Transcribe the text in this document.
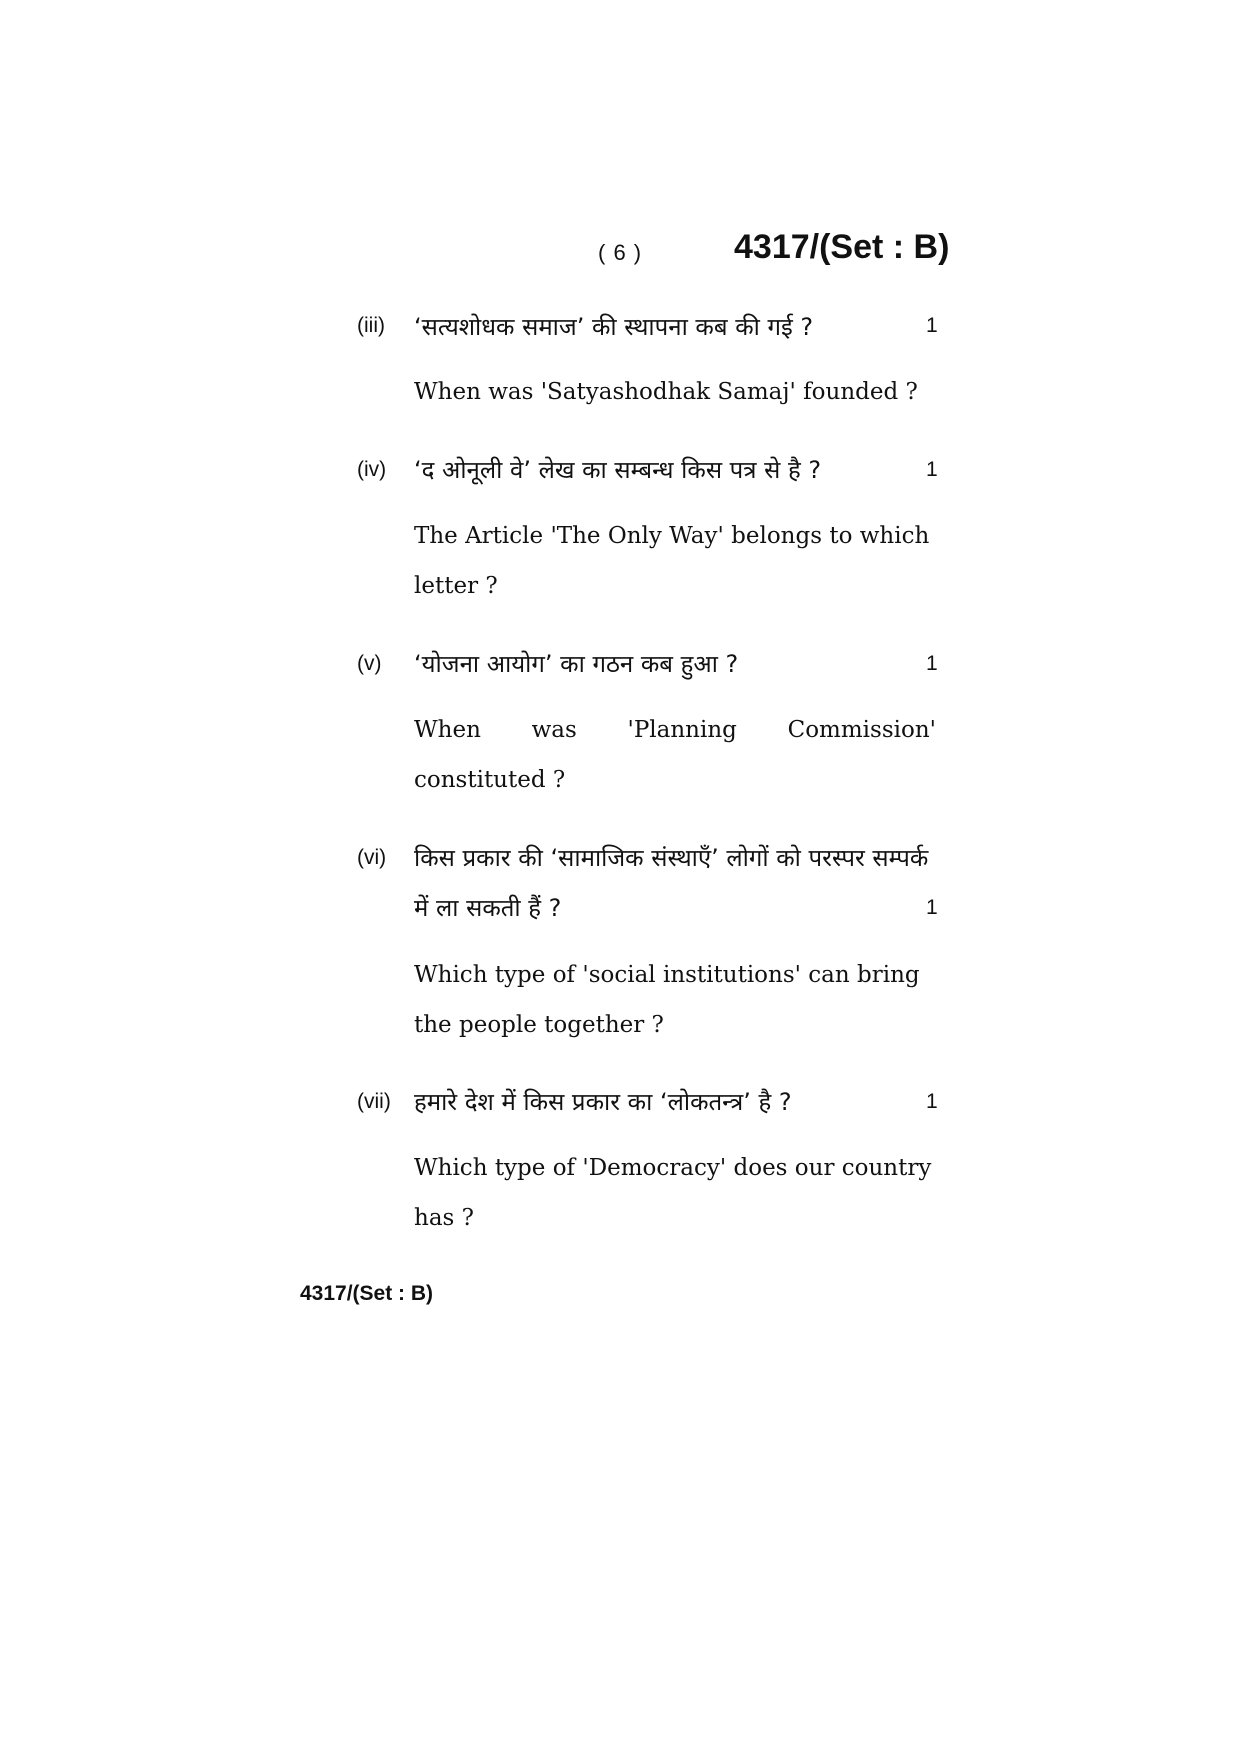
( 6 )	4317/(Set : B)
(iii) ‘सत्यशोधक समाज’ की स्थापना कब की गई ?	1
When was 'Satyashodhak Samaj' founded ?
(iv) ‘द ओनूली वे’ लेख का सम्बन्ध किस पत्र से है ?	1
The Article 'The Only Way' belongs to which
letter ?
(v) ‘योजना आयोग’ का गठन कब हुआ ?	1
When was 'Planning Commission'
constituted ?
(vi) किस प्रकार की ‘सामाजिक संस्थाएँ’ लोगों को परस्पर सम्पर्क
में ला सकती हैं ?	1
Which type of 'social institutions' can bring
the people together ?
(vii) हमारे देश में किस प्रकार का ‘लोकतन्त्र’ है ?	1
Which type of 'Democracy' does our country
has ?
4317/(Set : B)
